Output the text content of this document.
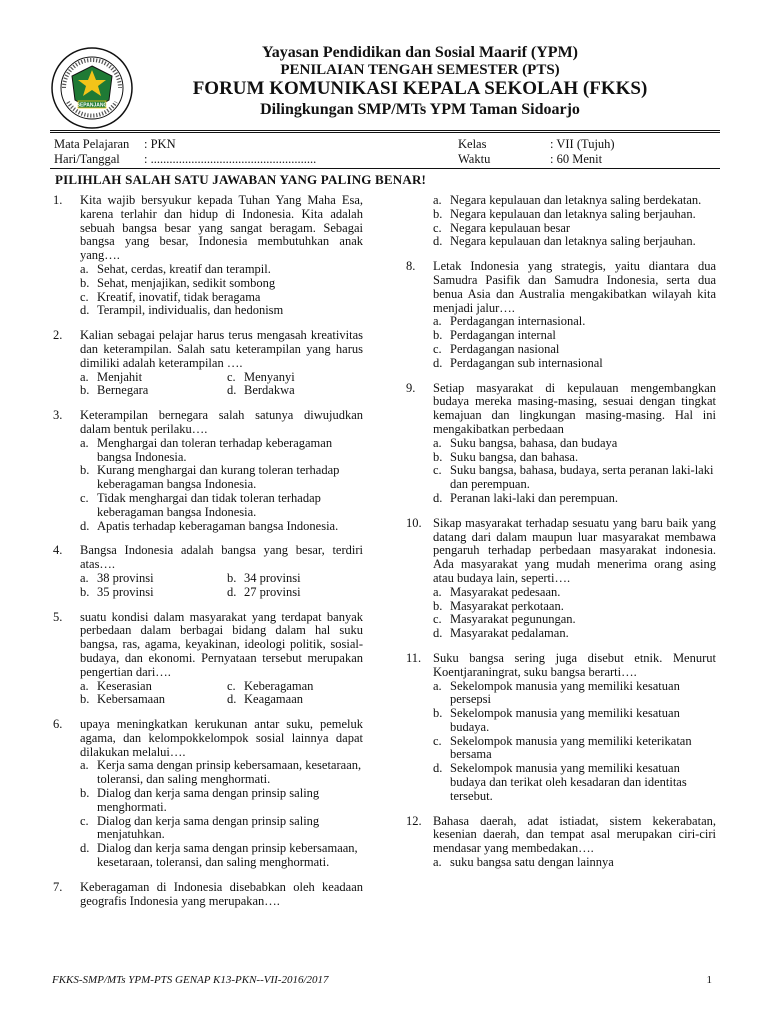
SEPANJANG
Yayasan Pendidikan dan Sosial Maarif (YPM)
PENILAIAN TENGAH SEMESTER (PTS)
FORUM KOMUNIKASI KEPALA SEKOLAH (FKKS)
Dilingkungan SMP/MTs YPM Taman Sidoarjo
Mata Pelajaran : PKN
Hari/Tanggal : .....................................................
Kelas	: VII (Tujuh)
Waktu	: 60 Menit
PILIHLAH SALAH SATU JAWABAN YANG PALING BENAR!
1. Kita wajib bersyukur kepada Tuhan Yang Maha Esa, karena terlahir dan hidup di Indonesia. Kita adalah sebuah bangsa besar yang sangat beragam. Sebagai bangsa yang besar, Indonesia membutuhkan anak yang….
a. Sehat, cerdas, kreatif dan terampil.
b. Sehat, menjajikan, sedikit sombong
c. Kreatif, inovatif, tidak beragama
d. Terampil, individualis, dan hedonism
2. Kalian sebagai pelajar harus terus mengasah kreativitas dan keterampilan. Salah satu keterampilan yang harus dimiliki adalah keterampilan ….
a. Menjahit	c. Menyanyi
b. Bernegara	d. Berdakwa
3. Keterampilan bernegara salah satunya diwujudkan dalam bentuk perilaku….
a. Menghargai dan toleran terhadap keberagaman bangsa Indonesia.
b. Kurang menghargai dan kurang toleran terhadap keberagaman bangsa Indonesia.
c. Tidak menghargai dan tidak toleran terhadap keberagaman bangsa Indonesia.
d. Apatis terhadap keberagaman bangsa Indonesia.
4. Bangsa Indonesia adalah bangsa yang besar, terdiri atas….
a. 38 provinsi	b. 34 provinsi
b. 35 provinsi	d. 27 provinsi
5. suatu kondisi dalam masyarakat yang terdapat banyak perbedaan dalam berbagai bidang dalam hal suku bangsa, ras, agama, keyakinan, ideologi politik, sosial-budaya, dan ekonomi. Pernyataan tersebut merupakan pengertian dari….
a. Keserasian	c. Keberagaman
b. Kebersamaan	d. Keagamaan
6. upaya meningkatkan kerukunan antar suku, pemeluk agama, dan kelompokkelompok sosial lainnya dapat dilakukan melalui….
a. Kerja sama dengan prinsip kebersamaan, kesetaraan, toleransi, dan saling menghormati.
b. Dialog dan kerja sama dengan prinsip saling menghormati.
c. Dialog dan kerja sama dengan prinsip saling menjatuhkan.
d. Dialog dan kerja sama dengan prinsip kebersamaan, kesetaraan, toleransi, dan saling menghormati.
7. Keberagaman di Indonesia disebabkan oleh keadaan geografis Indonesia yang merupakan….
a. Negara kepulauan dan letaknya saling berdekatan.
b. Negara kepulauan dan letaknya saling berjauhan.
c. Negara kepulauan besar
d. Negara kepulauan dan letaknya saling berjauhan.
8. Letak Indonesia yang strategis, yaitu diantara dua Samudra Pasifik dan Samudra Indonesia, serta dua benua Asia dan Australia mengakibatkan wilayah kita menjadi jalur….
a. Perdagangan internasional.
b. Perdagangan internal
c. Perdagangan nasional
d. Perdagangan sub internasional
9. Setiap masyarakat di kepulauan mengembangkan budaya mereka masing-masing, sesuai dengan tingkat kemajuan dan lingkungan masing-masing. Hal ini mengakibatkan perbedaan
a. Suku bangsa, bahasa, dan budaya
b. Suku bangsa, dan bahasa.
c. Suku bangsa, bahasa, budaya, serta peranan laki-laki dan perempuan.
d. Peranan laki-laki dan perempuan.
10. Sikap masyarakat terhadap sesuatu yang baru baik yang datang dari dalam maupun luar masyarakat membawa pengaruh terhadap perbedaan masyarakat indonesia. Ada masyarakat yang mudah menerima orang asing atau budaya lain, seperti….
a. Masyarakat pedesaan.
b. Masyarakat perkotaan.
c. Masyarakat pegunungan.
d. Masyarakat pedalaman.
11. Suku bangsa sering juga disebut etnik. Menurut Koentjaraningrat, suku bangsa berarti….
a. Sekelompok manusia yang memiliki kesatuan persepsi
b. Sekelompok manusia yang memiliki kesatuan budaya.
c. Sekelompok manusia yang memiliki keterikatan bersama
d. Sekelompok manusia yang memiliki kesatuan budaya dan terikat oleh kesadaran dan identitas tersebut.
12. Bahasa daerah, adat istiadat, sistem kekerabatan, kesenian daerah, dan tempat asal merupakan ciri-ciri mendasar yang membedakan….
a. suku bangsa satu dengan lainnya
FKKS-SMP/MTs YPM-PTS GENAP K13-PKN--VII-2016/2017	1
